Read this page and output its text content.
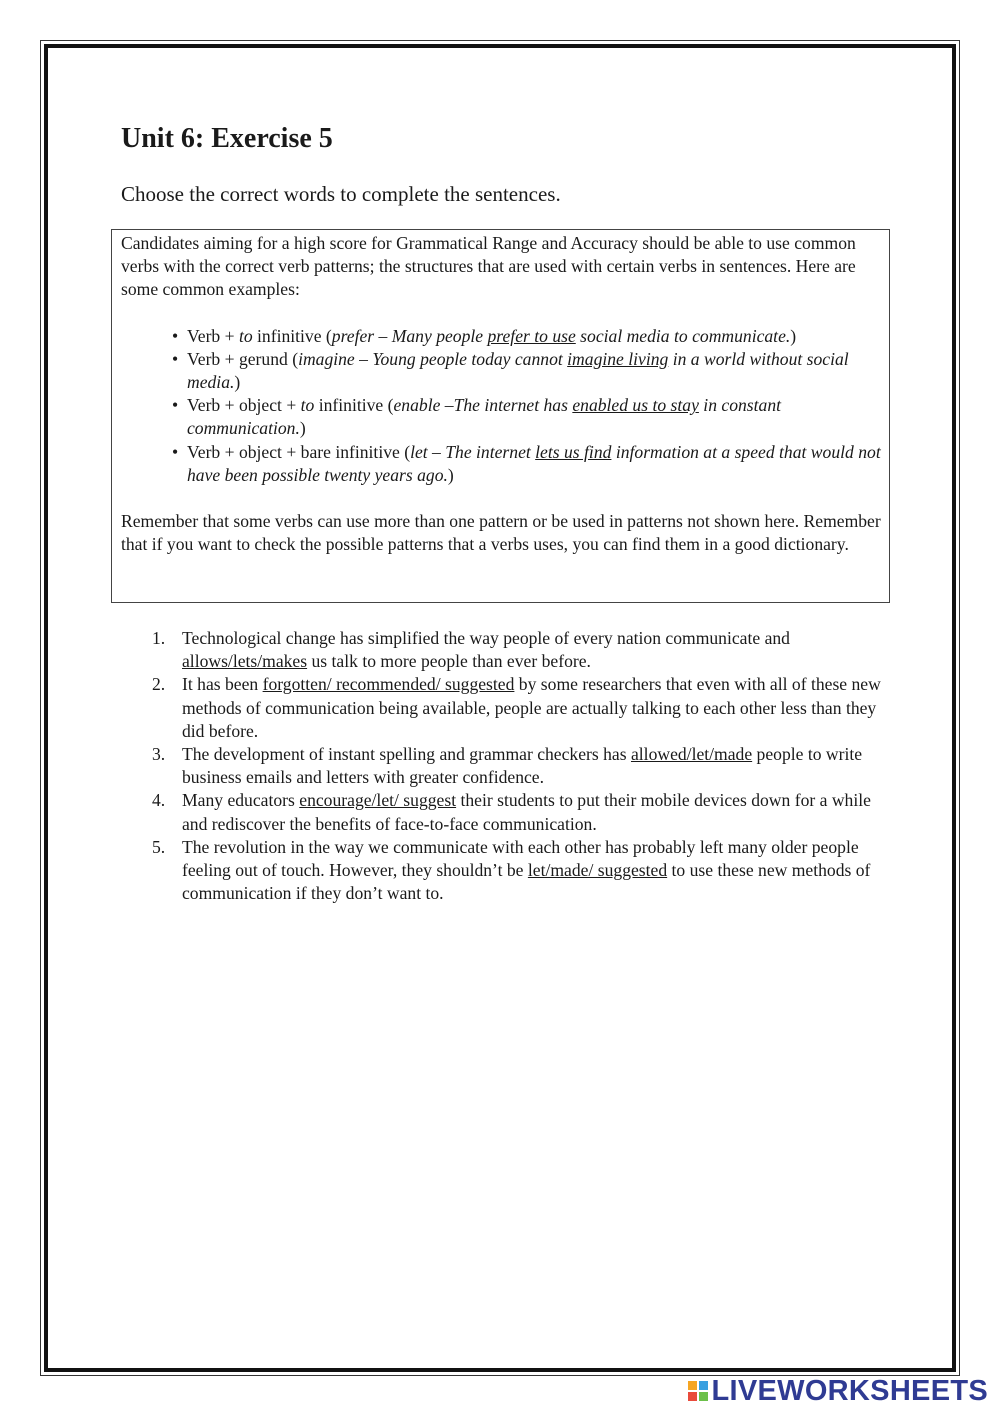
Unit 6: Exercise 5

Choose the correct words to complete the sentences.

Candidates aiming for a high score for Grammatical Range and Accuracy should be able to use common verbs with the correct verb patterns; the structures that are used with certain verbs in sentences. Here are some common examples:

• Verb + to infinitive (prefer – Many people prefer to use social media to communicate.)
• Verb + gerund (imagine – Young people today cannot imagine living in a world without social media.)
• Verb + object + to infinitive (enable –The internet has enabled us to stay in constant communication.)
• Verb + object + bare infinitive (let – The internet lets us find information at a speed that would not have been possible twenty years ago.)

Remember that some verbs can use more than one pattern or be used in patterns not shown here. Remember that if you want to check the possible patterns that a verbs uses, you can find them in a good dictionary.

1. Technological change has simplified the way people of every nation communicate and allows/lets/makes us talk to more people than ever before.
2. It has been forgotten/ recommended/ suggested by some researchers that even with all of these new methods of communication being available, people are actually talking to each other less than they did before.
3. The development of instant spelling and grammar checkers has allowed/let/made people to write business emails and letters with greater confidence.
4. Many educators encourage/let/ suggest their students to put their mobile devices down for a while and rediscover the benefits of face-to-face communication.
5. The revolution in the way we communicate with each other has probably left many older people feeling out of touch. However, they shouldn’t be let/made/ suggested to use these new methods of communication if they don’t want to.
LIVEWORKSHEETS
